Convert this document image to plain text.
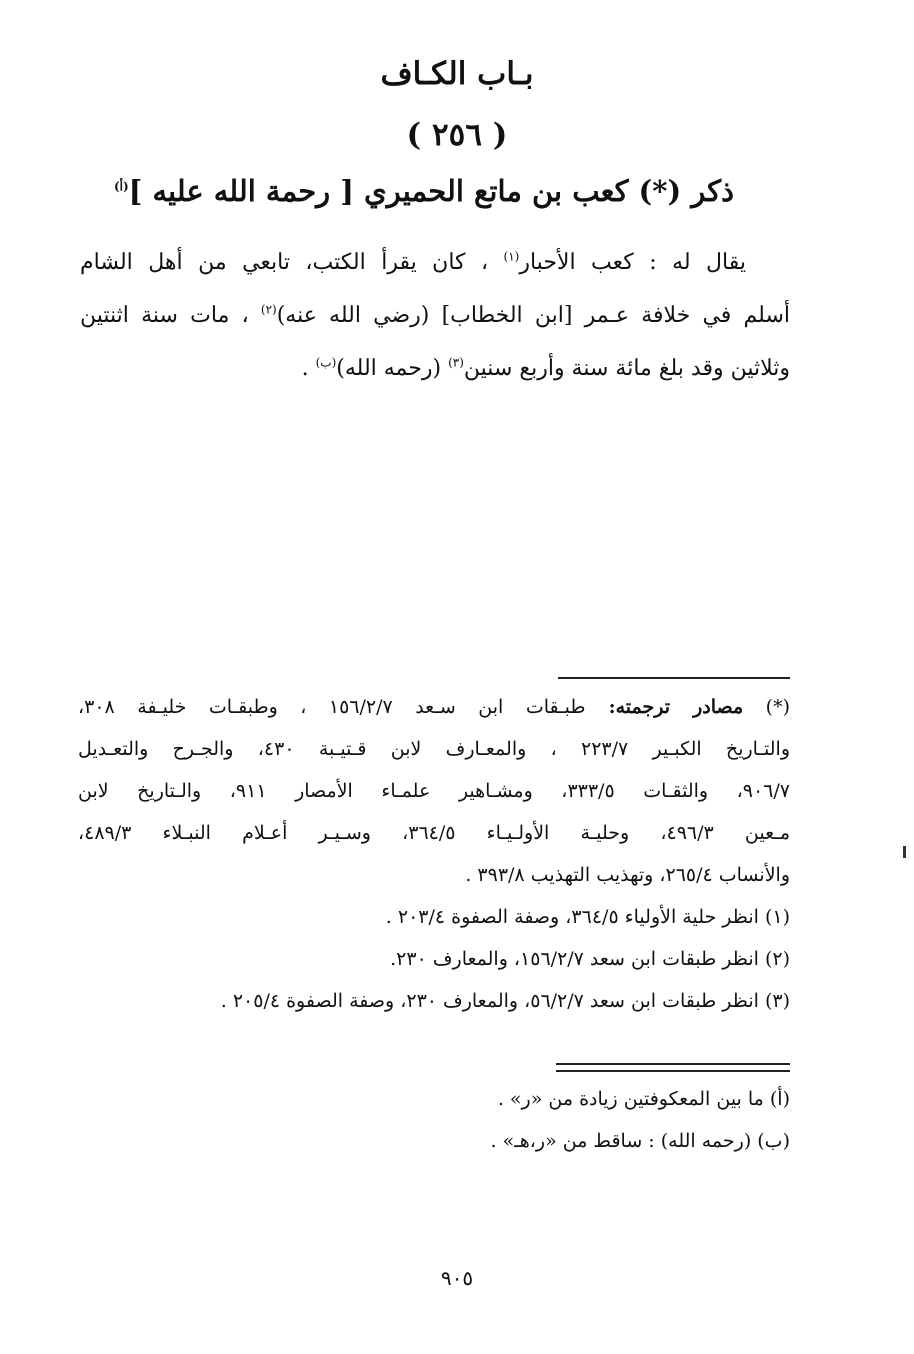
بـاب الكـاف
( ٢٥٦ )
ذكر (*) كعب بن ماتع الحميري [ رحمة الله عليه ]$^{(أ)}$
يقال له : كعب الأحبار$^{(١)}$ ، كان يقرأ الكتب، تابعي من أهل الشام
أسلم في خلافة عـمر [ابن الخطاب] (رضي الله عنه)$^{(٢)}$ ، مات سنة اثنتين
وثلاثين وقد بلغ مائة سنة وأربع سنين$^{(٣)}$ (رحمه الله)$^{(ب)}$ .
(*) مصادر ترجمته: طبـقات ابن سـعد ١٥٦/٢/٧ ، وطبقـات خليـفة ٣٠٨،
والتـاريخ الكبـير ٢٢٣/٧ ، والمعـارف لابن قـتيـبة ٤٣٠، والجـرح والتعـديل
٩٠٦/٧، والثقـات ٣٣٣/٥، ومشـاهير علمـاء الأمصار ٩١١، والـتاريخ لابن
مـعين ٤٩٦/٣، وحليـة الأولـيـاء ٣٦٤/٥، وسـيـر أعـلام النبـلاء ٤٨٩/٣،
والأنساب ٢٦٥/٤، وتهذيب التهذيب ٣٩٣/٨ .
(١) انظر حلية الأولياء ٣٦٤/٥، وصفة الصفوة ٢٠٣/٤ .
(٢) انظر طبقات ابن سعد ١٥٦/٢/٧، والمعارف ٢٣٠.
(٣) انظر طبقات ابن سعد ٥٦/٢/٧، والمعارف ٢٣٠، وصفة الصفوة ٢٠٥/٤ .
(أ) ما بين المعكوفتين زيادة من «ر» .
(ب) (رحمه الله) : ساقط من «ر،هـ» .
٩٠٥
